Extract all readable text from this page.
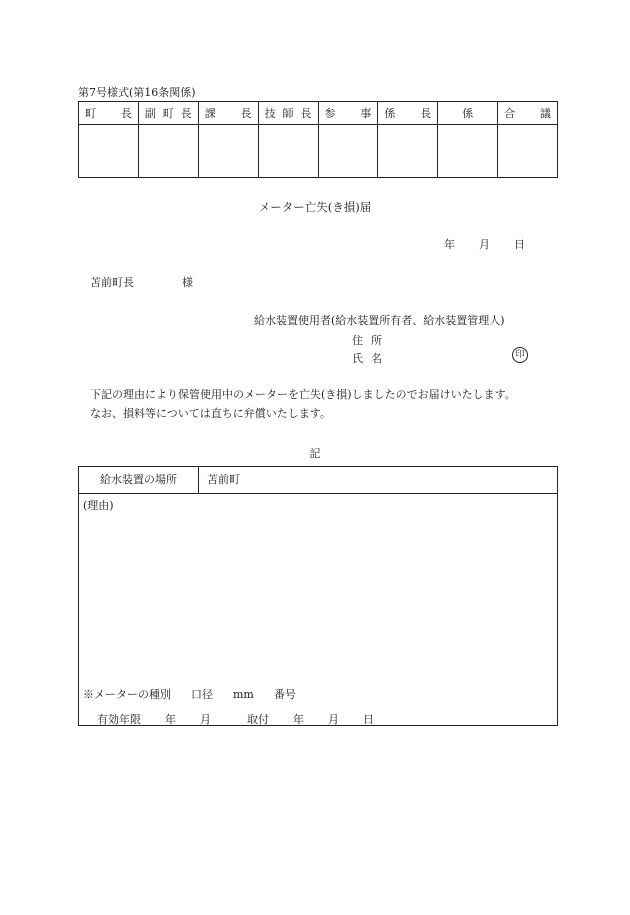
第7号様式(第16条関係)
町長	副町長	課長	技師長	参事	係長	係	合議

メーター亡失(き損)届
年 月 日
苫前町長	様
給水装置使用者(給水装置所有者、給水装置管理人)
住所
氏名	印
下記の理由により保管使用中のメーターを亡失(き損)しましたのでお届けいたします。
なお、損料等については直ちに弁償いたします。
記
給水装置の場所	苫前町
(理由)
※メーターの種別 口径 mm 番号
有効年限 年 月	取付 年 月 日
